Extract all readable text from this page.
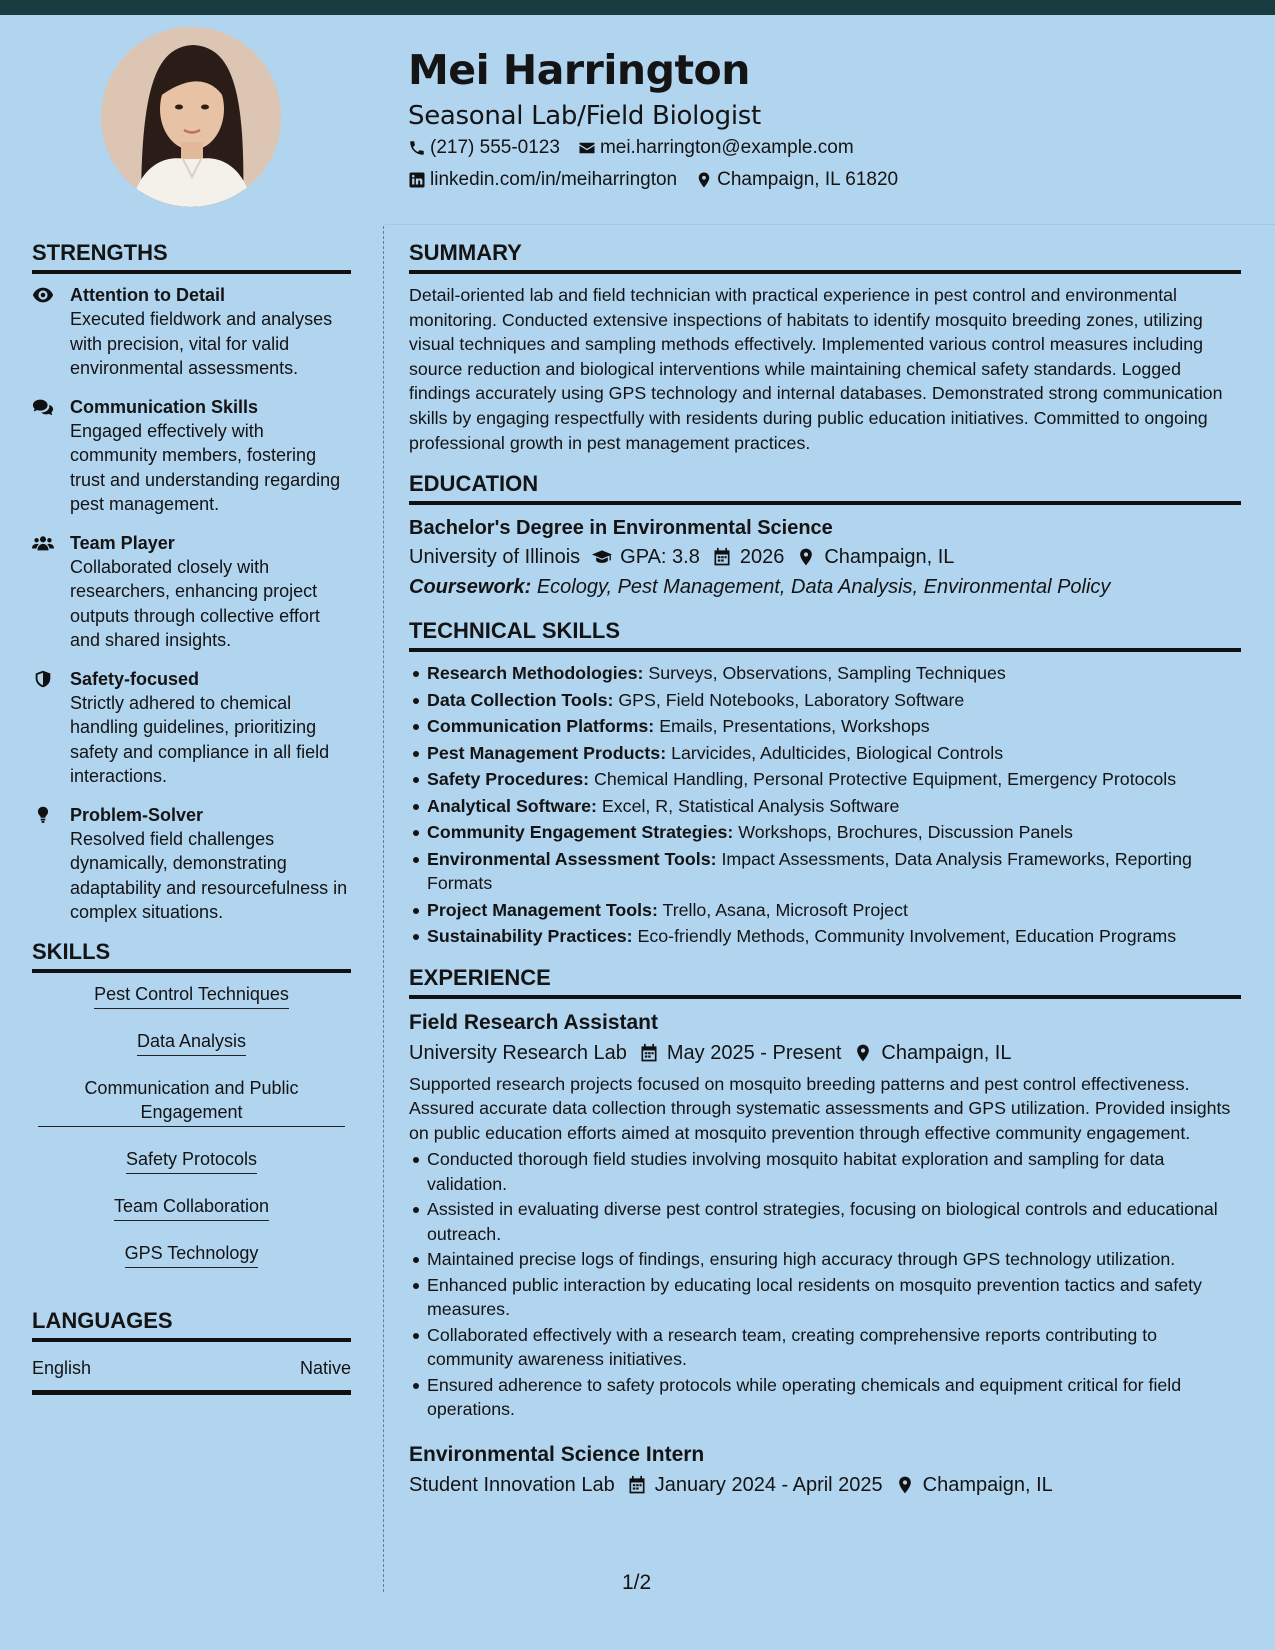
Mei Harrington
Seasonal Lab/Field Biologist
(217) 555-0123 mei.harrington@example.com
linkedin.com/in/meiharrington Champaign, IL 61820
STRENGTHS
Attention to Detail
Executed fieldwork and analyses with precision, vital for valid environmental assessments.
Communication Skills
Engaged effectively with community members, fostering trust and understanding regarding pest management.
Team Player
Collaborated closely with researchers, enhancing project outputs through collective effort and shared insights.
Safety-focused
Strictly adhered to chemical handling guidelines, prioritizing safety and compliance in all field interactions.
Problem-Solver
Resolved field challenges dynamically, demonstrating adaptability and resourcefulness in complex situations.
SKILLS
Pest Control Techniques
Data Analysis
Communication and Public Engagement
Safety Protocols
Team Collaboration
GPS Technology
LANGUAGES
English	Native
SUMMARY
Detail-oriented lab and field technician with practical experience in pest control and environmental monitoring. Conducted extensive inspections of habitats to identify mosquito breeding zones, utilizing visual techniques and sampling methods effectively. Implemented various control measures including source reduction and biological interventions while maintaining chemical safety standards. Logged findings accurately using GPS technology and internal databases. Demonstrated strong communication skills by engaging respectfully with residents during public education initiatives. Committed to ongoing professional growth in pest management practices.
EDUCATION
Bachelor's Degree in Environmental Science
University of Illinois GPA: 3.8 2026 Champaign, IL
Coursework: Ecology, Pest Management, Data Analysis, Environmental Policy
TECHNICAL SKILLS
Research Methodologies: Surveys, Observations, Sampling Techniques
Data Collection Tools: GPS, Field Notebooks, Laboratory Software
Communication Platforms: Emails, Presentations, Workshops
Pest Management Products: Larvicides, Adulticides, Biological Controls
Safety Procedures: Chemical Handling, Personal Protective Equipment, Emergency Protocols
Analytical Software: Excel, R, Statistical Analysis Software
Community Engagement Strategies: Workshops, Brochures, Discussion Panels
Environmental Assessment Tools: Impact Assessments, Data Analysis Frameworks, Reporting Formats
Project Management Tools: Trello, Asana, Microsoft Project
Sustainability Practices: Eco-friendly Methods, Community Involvement, Education Programs
EXPERIENCE
Field Research Assistant
University Research Lab May 2025 - Present Champaign, IL
Supported research projects focused on mosquito breeding patterns and pest control effectiveness. Assured accurate data collection through systematic assessments and GPS utilization. Provided insights on public education efforts aimed at mosquito prevention through effective community engagement.
Conducted thorough field studies involving mosquito habitat exploration and sampling for data validation.
Assisted in evaluating diverse pest control strategies, focusing on biological controls and educational outreach.
Maintained precise logs of findings, ensuring high accuracy through GPS technology utilization.
Enhanced public interaction by educating local residents on mosquito prevention tactics and safety measures.
Collaborated effectively with a research team, creating comprehensive reports contributing to community awareness initiatives.
Ensured adherence to safety protocols while operating chemicals and equipment critical for field operations.
Environmental Science Intern
Student Innovation Lab January 2024 - April 2025 Champaign, IL
1/2
